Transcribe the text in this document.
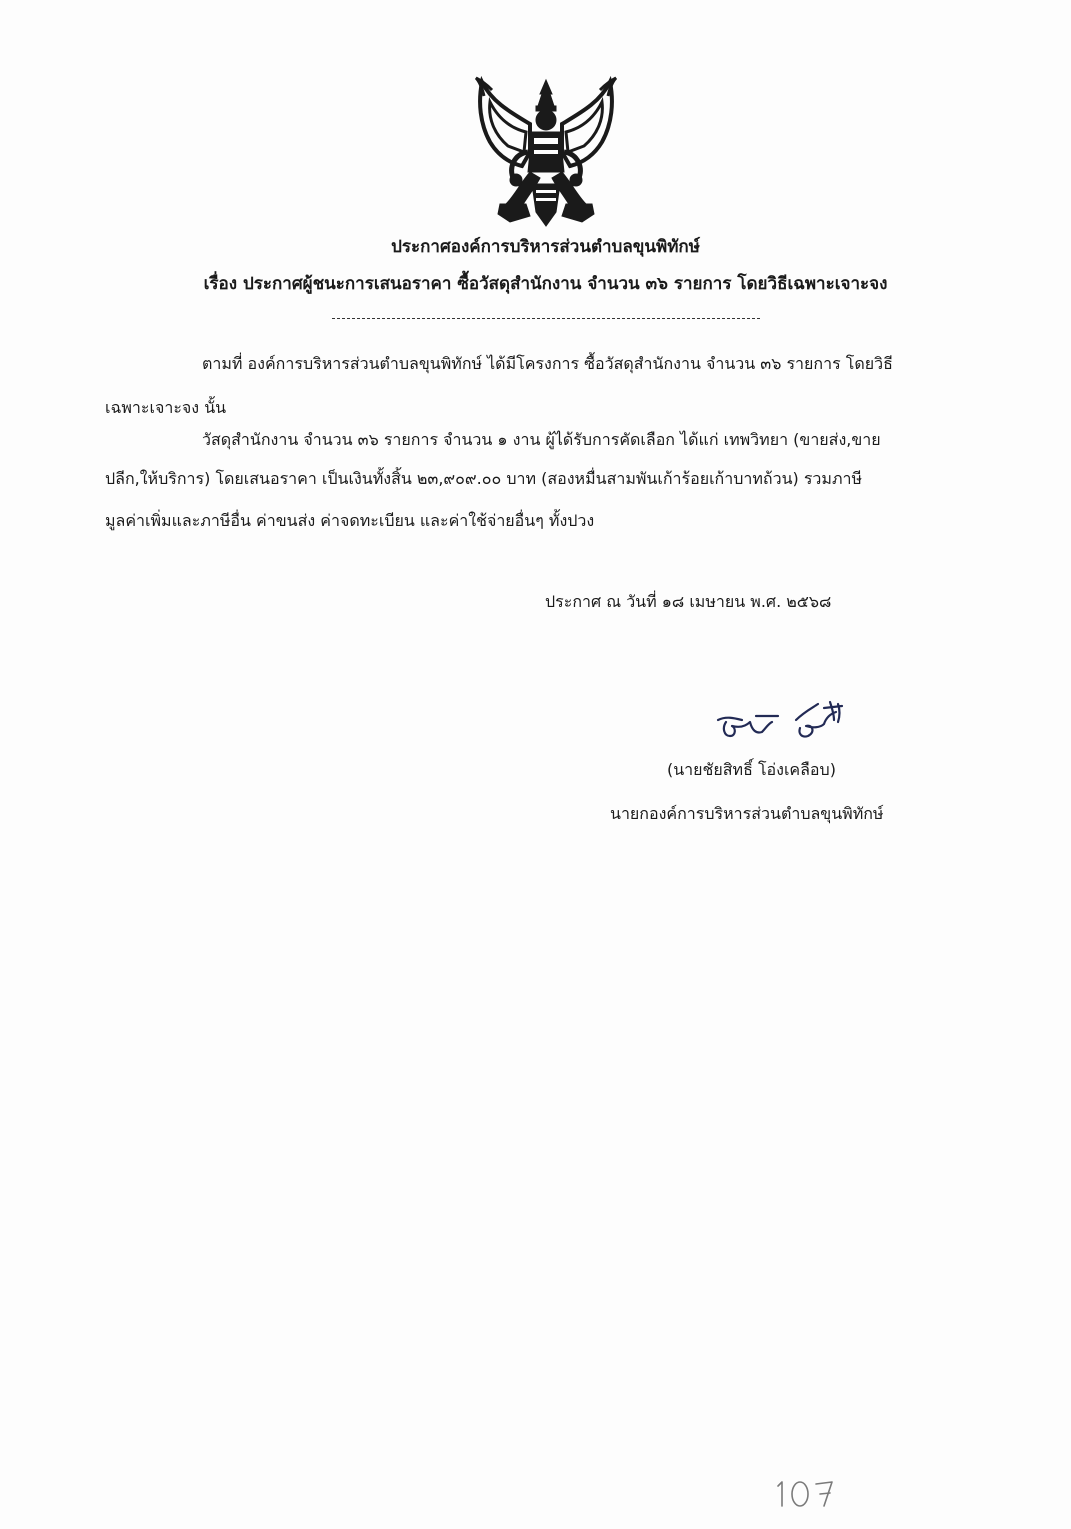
ประกาศองค์การบริหารส่วนตำบลขุนพิทักษ์
เรื่อง ประกาศผู้ชนะการเสนอราคา ซื้อวัสดุสำนักงาน จำนวน ๓๖ รายการ โดยวิธีเฉพาะเจาะจง
ตามที่ องค์การบริหารส่วนตำบลขุนพิทักษ์ ได้มีโครงการ ซื้อวัสดุสำนักงาน จำนวน ๓๖ รายการ โดยวิธี
เฉพาะเจาะจง นั้น
วัสดุสำนักงาน จำนวน ๓๖ รายการ จำนวน ๑ งาน ผู้ได้รับการคัดเลือก ได้แก่ เทพวิทยา (ขายส่ง,ขาย
ปลีก,ให้บริการ) โดยเสนอราคา เป็นเงินทั้งสิ้น ๒๓,๙๐๙.๐๐ บาท (สองหมื่นสามพันเก้าร้อยเก้าบาทถ้วน) รวมภาษี
มูลค่าเพิ่มและภาษีอื่น ค่าขนส่ง ค่าจดทะเบียน และค่าใช้จ่ายอื่นๆ ทั้งปวง
ประกาศ ณ วันที่ ๑๘ เมษายน พ.ศ. ๒๕๖๘
(นายชัยสิทธิ์ โอ่งเคลือบ)
นายกองค์การบริหารส่วนตำบลขุนพิทักษ์
